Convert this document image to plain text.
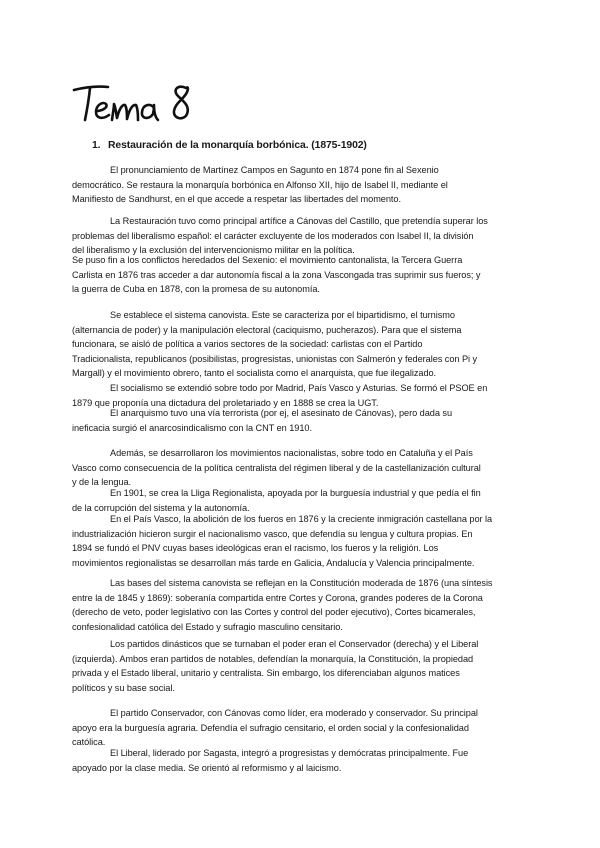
1. Restauración de la monarquía borbónica. (1875-1902)
El pronunciamiento de Martínez Campos en Sagunto en 1874 pone fin al Sexenio
democrático. Se restaura la monarquía borbónica en Alfonso XII, hijo de Isabel II, mediante el
Manifiesto de Sandhurst, en el que accede a respetar las libertades del momento.
La Restauración tuvo como principal artífice a Cánovas del Castillo, que pretendía superar los
problemas del liberalismo español: el carácter excluyente de los moderados con Isabel II, la división
del liberalismo y la exclusión del intervencionismo militar en la política.
Se puso fin a los conflictos heredados del Sexenio: el movimiento cantonalista, la Tercera Guerra
Carlista en 1876 tras acceder a dar autonomía fiscal a la zona Vascongada tras suprimir sus fueros; y
la guerra de Cuba en 1878, con la promesa de su autonomía.
Se establece el sistema canovista. Este se caracteriza por el bipartidismo, el turnismo
(alternancia de poder) y la manipulación electoral (caciquismo, pucherazos). Para que el sistema
funcionara, se aisló de política a varios sectores de la sociedad: carlistas con el Partido
Tradicionalista, republicanos (posibilistas, progresistas, unionistas con Salmerón y federales con Pi y
Margall) y el movimiento obrero, tanto el socialista como el anarquista, que fue ilegalizado.
El socialismo se extendió sobre todo por Madrid, País Vasco y Asturias. Se formó el PSOE en
1879 que proponía una dictadura del proletariado y en 1888 se crea la UGT.
El anarquismo tuvo una vía terrorista (por ej, el asesinato de Cánovas), pero dada su
ineficacia surgió el anarcosindicalismo con la CNT en 1910.
Además, se desarrollaron los movimientos nacionalistas, sobre todo en Cataluña y el País
Vasco como consecuencia de la política centralista del régimen liberal y de la castellanización cultural
y de la lengua.
En 1901, se crea la Lliga Regionalista, apoyada por la burguesía industrial y que pedía el fin
de la corrupción del sistema y la autonomía.
En el País Vasco, la abolición de los fueros en 1876 y la creciente inmigración castellana por la
industrialización hicieron surgir el nacionalismo vasco, que defendía su lengua y cultura propias. En
1894 se fundó el PNV cuyas bases ideológicas eran el racismo, los fueros y la religión. Los
movimientos regionalistas se desarrollan más tarde en Galicia, Andalucía y Valencia principalmente.
Las bases del sistema canovista se reflejan en la Constitución moderada de 1876 (una síntesis
entre la de 1845 y 1869): soberanía compartida entre Cortes y Corona, grandes poderes de la Corona
(derecho de veto, poder legislativo con las Cortes y control del poder ejecutivo), Cortes bicamerales,
confesionalidad católica del Estado y sufragio masculino censitario.
Los partidos dinásticos que se turnaban el poder eran el Conservador (derecha) y el Liberal
(izquierda). Ambos eran partidos de notables, defendían la monarquía, la Constitución, la propiedad
privada y el Estado liberal, unitario y centralista. Sin embargo, los diferenciaban algunos matices
políticos y su base social.
El partido Conservador, con Cánovas como líder, era moderado y conservador. Su principal
apoyo era la burguesía agraria. Defendía el sufragio censitario, el orden social y la confesionalidad
católica.
El Liberal, liderado por Sagasta, integró a progresistas y demócratas principalmente. Fue
apoyado por la clase media. Se orientó al reformismo y al laicismo.
